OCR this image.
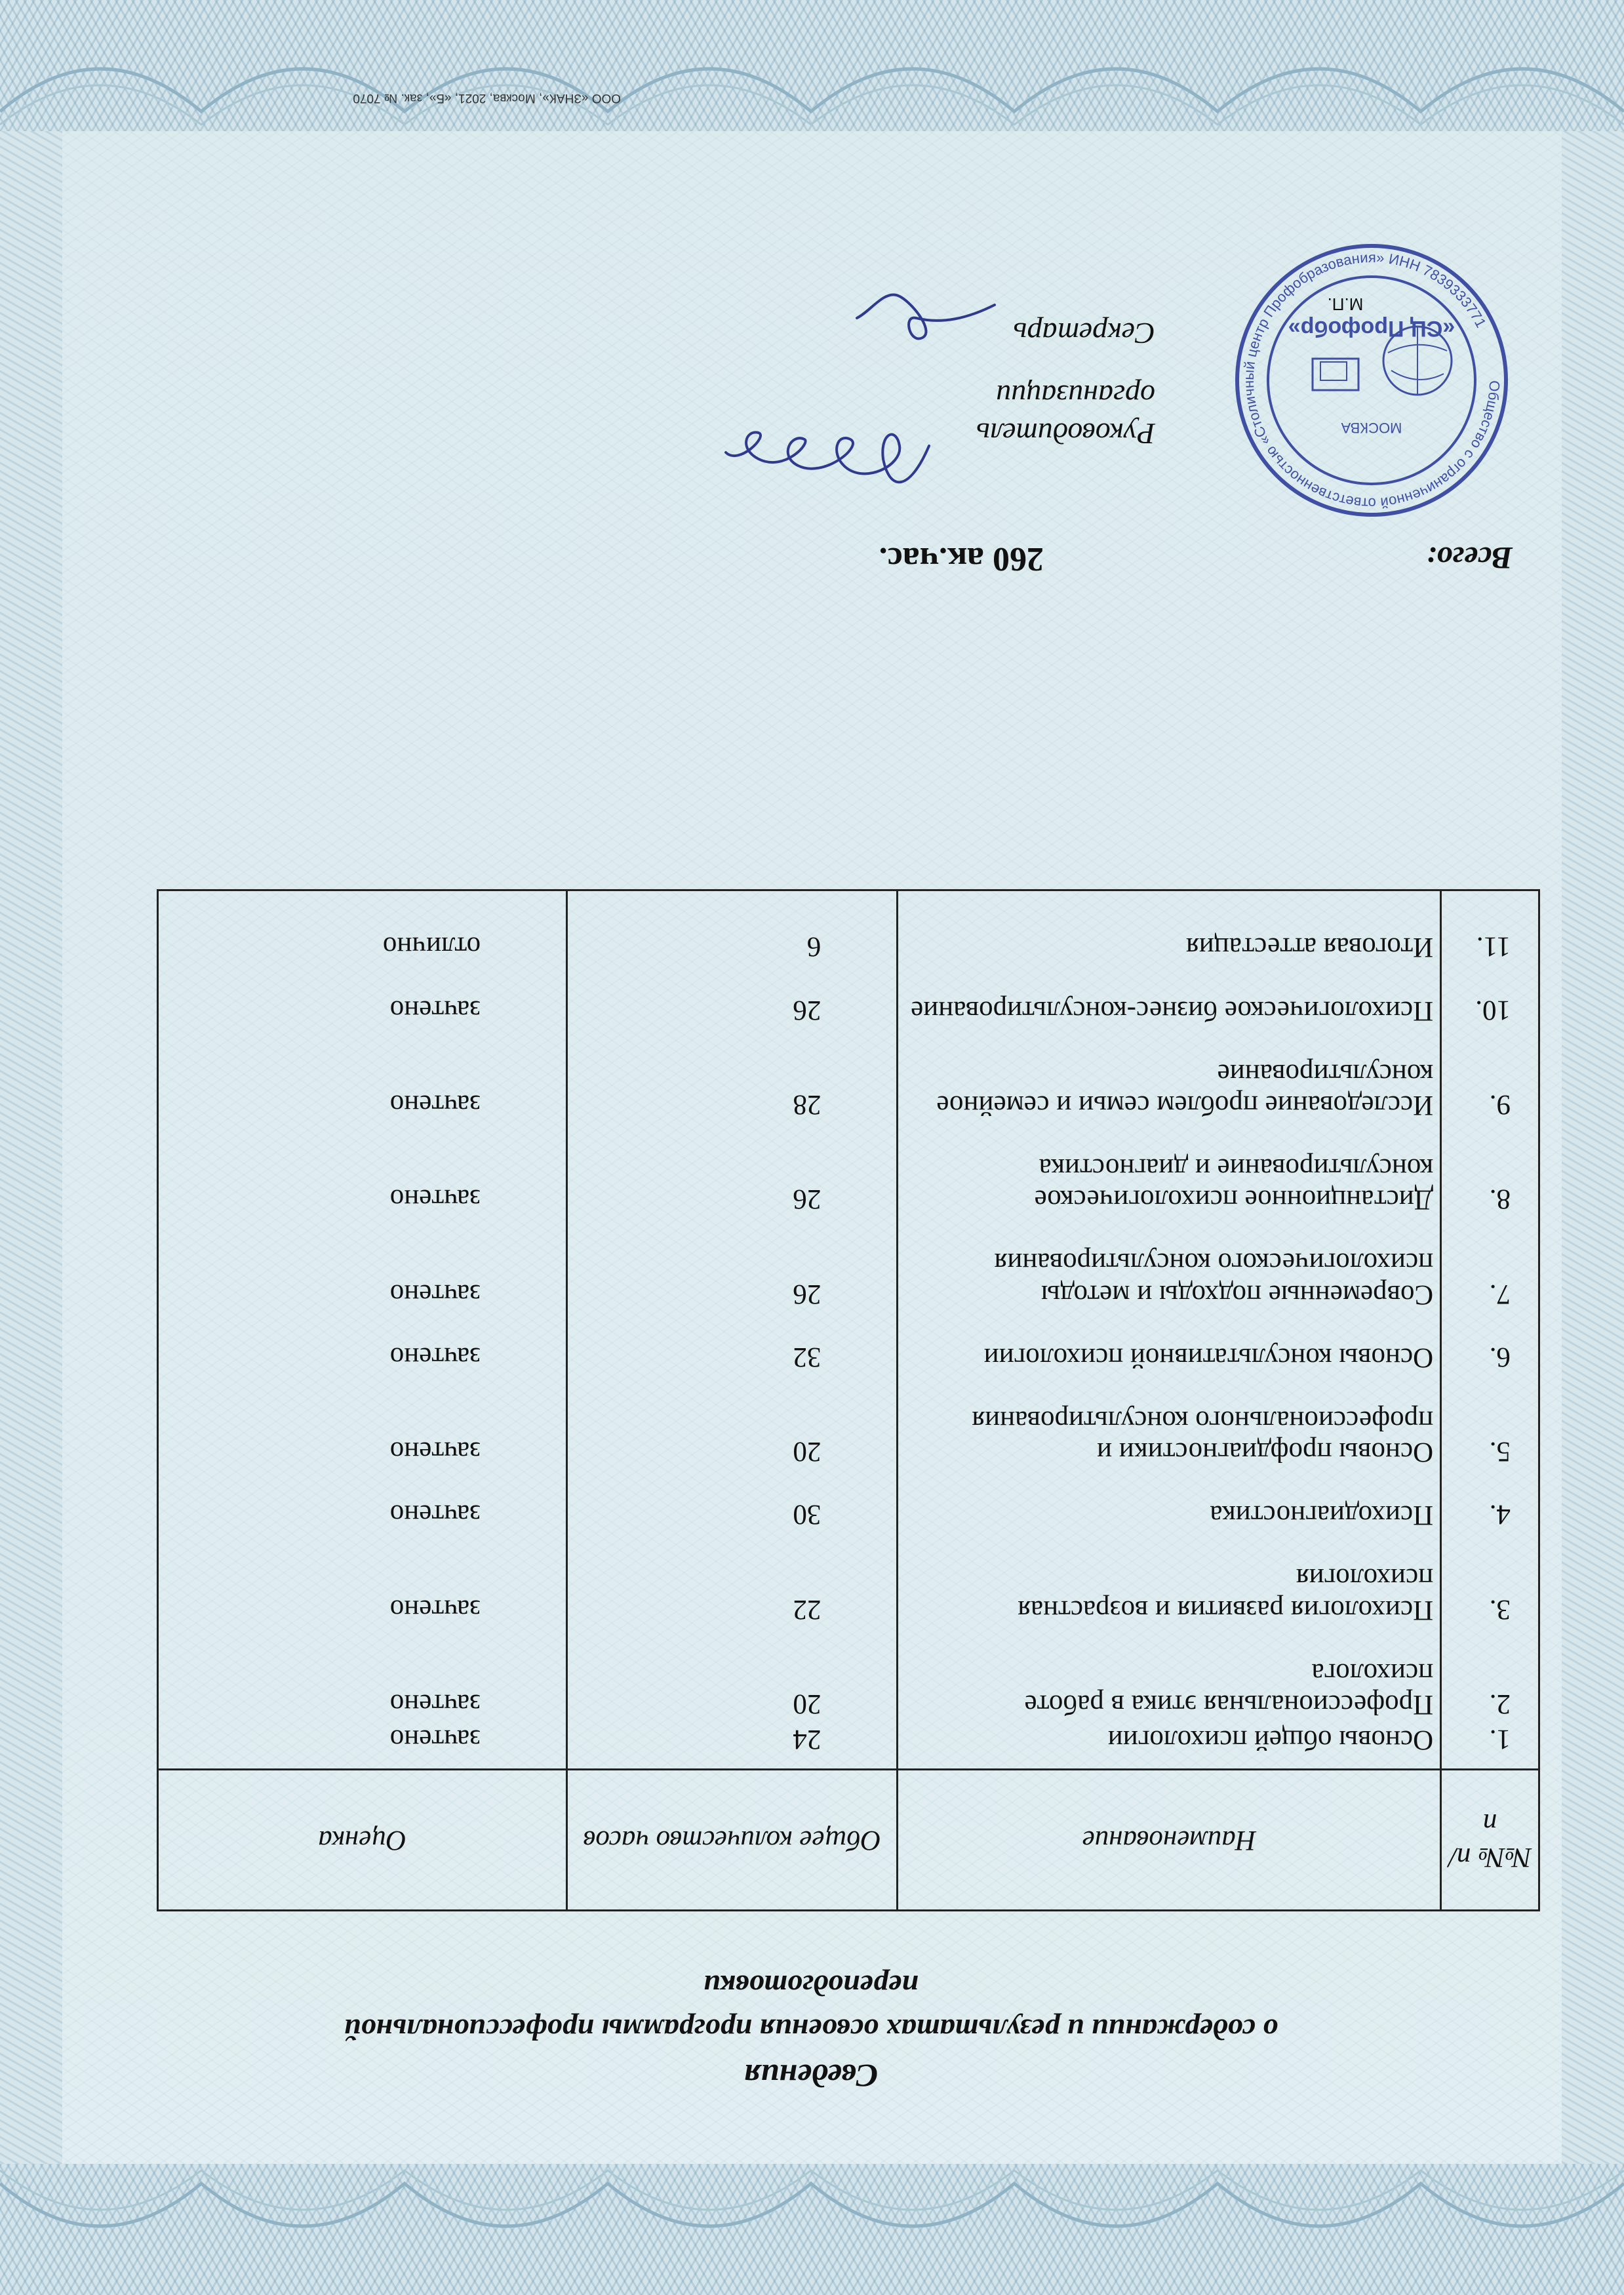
Сведения
о содержании и результатах освоения программы профессиональной
переподготовки
№№ п/п	Наименование	Общее количество часов	Оценка
1.	Основы общей психологии	24	зачтено
2.	Профессиональная этика в работе психолога	20	зачтено
3.	Психология развития и возрастная психология	22	зачтено
4.	Психодиагностика	30	зачтено
5.	Основы профдиагностики и профессионального консультирования	20	зачтено
6.	Основы консультативной психологии	32	зачтено
7.	Современные подходы и методы психологического консультирования	26	зачтено
8.	Дистанционное психологическое консультирование и диагностика	26	зачтено
9.	Исследование проблем семьи и семейное консультирование	28	зачтено
10.	Психологическое бизнес-консультирование	26	зачтено
11.	Итоговая аттестация	6	отлично
Всего:
260 ак.час.
Руководитель организации
Секретарь
Общество с ограниченной ответственностью «Столичный центр Профобразования» ИНН 7839333771
«СЦ Профобр»
М.П.
МОСКВА
ООО «ЗНАК», Москва, 2021, «Б», зак. № 7070
